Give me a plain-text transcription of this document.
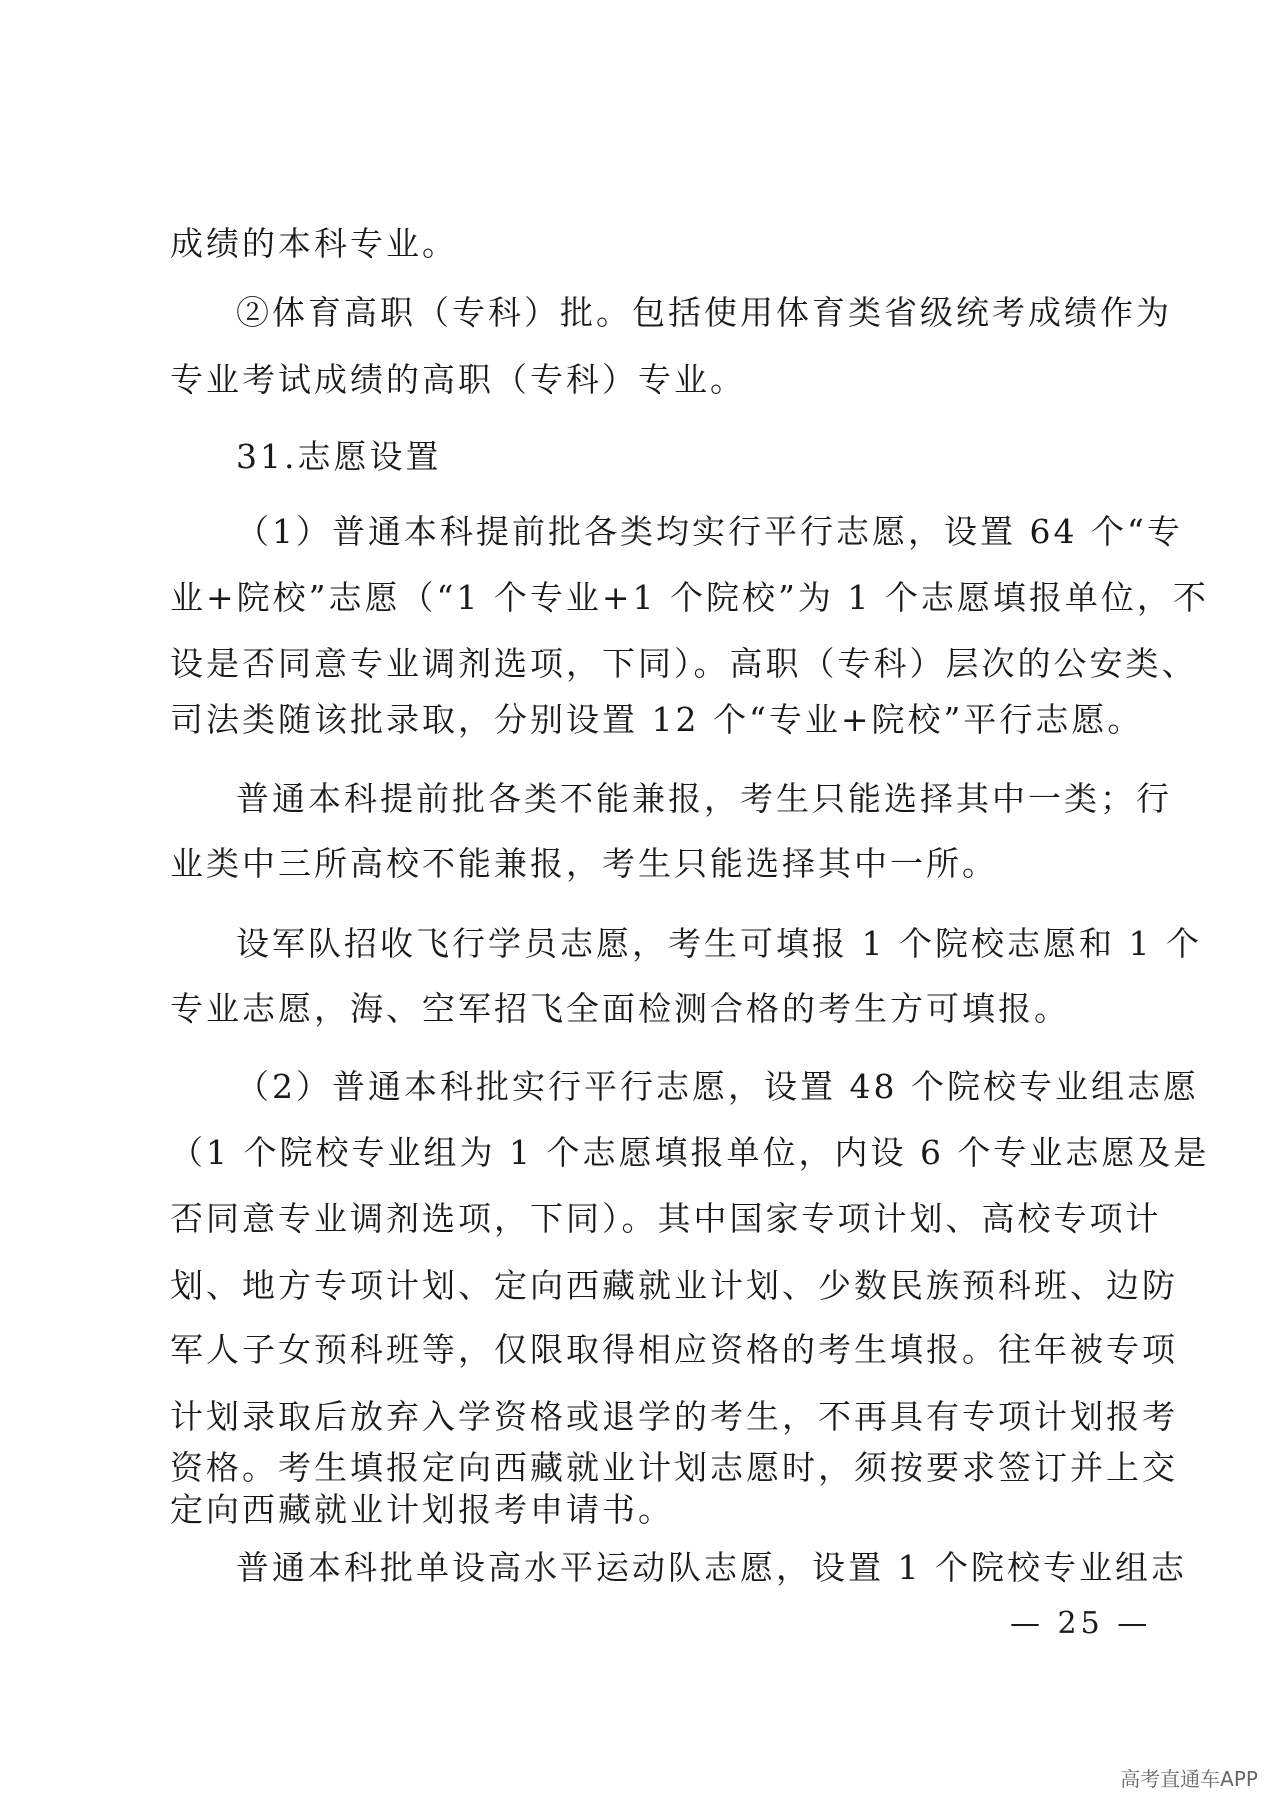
成绩的本科专业。
②体育高职（专科）批。包括使用体育类省级统考成绩作为
专业考试成绩的高职（专科）专业。
31.志愿设置
（1）普通本科提前批各类均实行平行志愿，设置 64 个“专
业+院校”志愿（“1 个专业+1 个院校”为 1 个志愿填报单位，不
设是否同意专业调剂选项，下同）。高职（专科）层次的公安类、
司法类随该批录取，分别设置 12 个“专业+院校”平行志愿。
普通本科提前批各类不能兼报，考生只能选择其中一类；行
业类中三所高校不能兼报，考生只能选择其中一所。
设军队招收飞行学员志愿，考生可填报 1 个院校志愿和 1 个
专业志愿，海、空军招飞全面检测合格的考生方可填报。
（2）普通本科批实行平行志愿，设置 48 个院校专业组志愿
（1 个院校专业组为 1 个志愿填报单位，内设 6 个专业志愿及是
否同意专业调剂选项，下同）。其中国家专项计划、高校专项计
划、地方专项计划、定向西藏就业计划、少数民族预科班、边防
军人子女预科班等，仅限取得相应资格的考生填报。往年被专项
计划录取后放弃入学资格或退学的考生，不再具有专项计划报考
资格。考生填报定向西藏就业计划志愿时，须按要求签订并上交
定向西藏就业计划报考申请书。
普通本科批单设高水平运动队志愿，设置 1 个院校专业组志
— 25 —
高考直通车APP
